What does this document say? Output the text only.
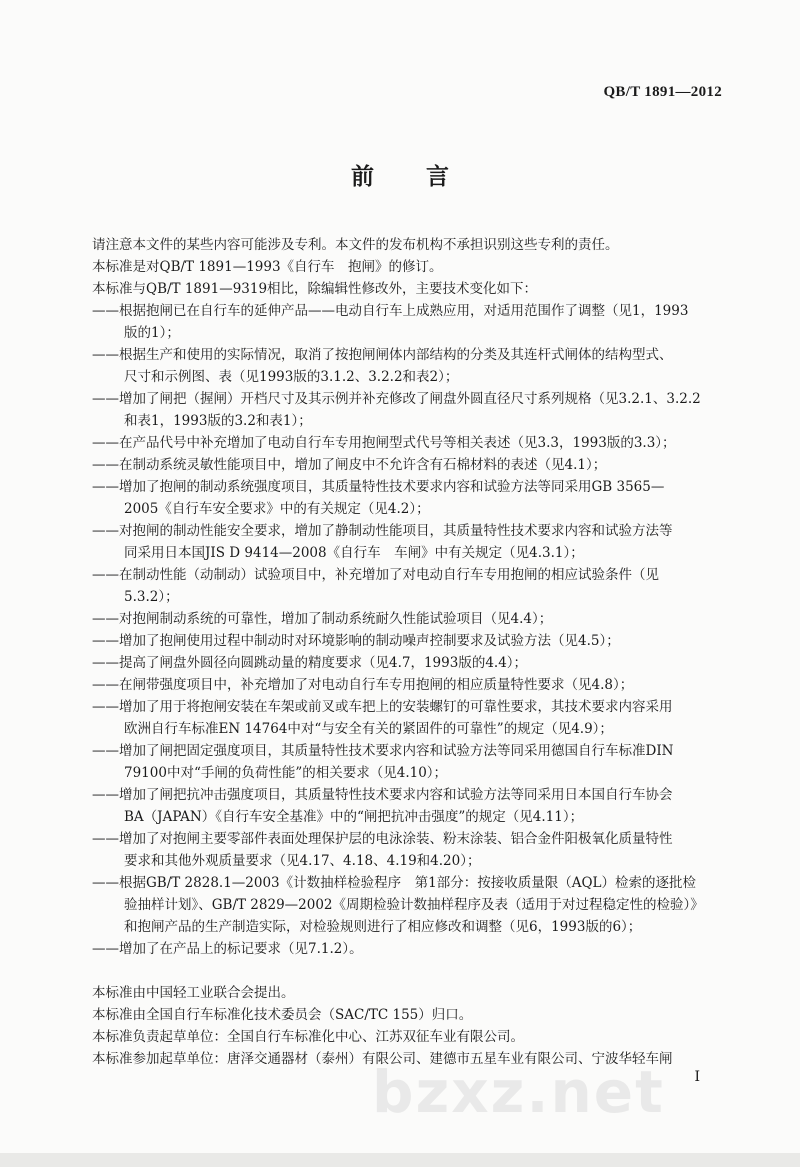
QB/T 1891—2012
前 言

请注意本文件的某些内容可能涉及专利。本文件的发布机构不承担识别这些专利的责任。

本标准是对QB/T 1891—1993《自行车　抱闸》的修订。

本标准与QB/T 1891—9319相比，除编辑性修改外，主要技术变化如下：

——根据抱闸已在自行车的延伸产品——电动自行车上成熟应用，对适用范围作了调整（见1，1993

版的1）；

——根据生产和使用的实际情况，取消了按抱闸闸体内部结构的分类及其连杆式闸体的结构型式、

尺寸和示例图、表（见1993版的3.1.2、3.2.2和表2）；

——增加了闸把（握闸）开档尺寸及其示例并补充修改了闸盘外圆直径尺寸系列规格（见3.2.1、3.2.2

和表1，1993版的3.2和表1）；

——在产品代号中补充增加了电动自行车专用抱闸型式代号等相关表述（见3.3，1993版的3.3）；

——在制动系统灵敏性能项目中，增加了闸皮中不允许含有石棉材料的表述（见4.1）；

——增加了抱闸的制动系统强度项目，其质量特性技术要求内容和试验方法等同采用GB 3565—

2005《自行车安全要求》中的有关规定（见4.2）；

——对抱闸的制动性能安全要求，增加了静制动性能项目，其质量特性技术要求内容和试验方法等

同采用日本国JIS D 9414—2008《自行车　车闸》中有关规定（见4.3.1）；

——在制动性能（动制动）试验项目中，补充增加了对电动自行车专用抱闸的相应试验条件（见

5.3.2）；

——对抱闸制动系统的可靠性，增加了制动系统耐久性能试验项目（见4.4）；

——增加了抱闸使用过程中制动时对环境影响的制动噪声控制要求及试验方法（见4.5）；

——提高了闸盘外圆径向圆跳动量的精度要求（见4.7，1993版的4.4）；

——在闸带强度项目中，补充增加了对电动自行车专用抱闸的相应质量特性要求（见4.8）；

——增加了用于将抱闸安装在车架或前叉或车把上的安装螺钉的可靠性要求，其技术要求内容采用

欧洲自行车标准EN 14764中对“与安全有关的紧固件的可靠性”的规定（见4.9）；

——增加了闸把固定强度项目，其质量特性技术要求内容和试验方法等同采用德国自行车标准DIN

79100中对“手闸的负荷性能”的相关要求（见4.10）；

——增加了闸把抗冲击强度项目，其质量特性技术要求内容和试验方法等同采用日本国自行车协会

BA（JAPAN）《自行车安全基准》中的“闸把抗冲击强度”的规定（见4.11）；

——增加了对抱闸主要零部件表面处理保护层的电泳涂装、粉末涂装、铝合金件阳极氧化质量特性

要求和其他外观质量要求（见4.17、4.18、4.19和4.20）；

——根据GB/T 2828.1—2003《计数抽样检验程序　第1部分：按接收质量限（AQL）检索的逐批检

验抽样计划》、GB/T 2829—2002《周期检验计数抽样程序及表（适用于对过程稳定性的检验）》

和抱闸产品的生产制造实际，对检验规则进行了相应修改和调整（见6，1993版的6）；

——增加了在产品上的标记要求（见7.1.2）。

本标准由中国轻工业联合会提出。

本标准由全国自行车标准化技术委员会（SAC/TC 155）归口。

本标准负责起草单位：全国自行车标准化中心、江苏双征车业有限公司。

本标准参加起草单位：唐泽交通器材（泰州）有限公司、建德市五星车业有限公司、宁波华轻车闸

I
bzxz.net
